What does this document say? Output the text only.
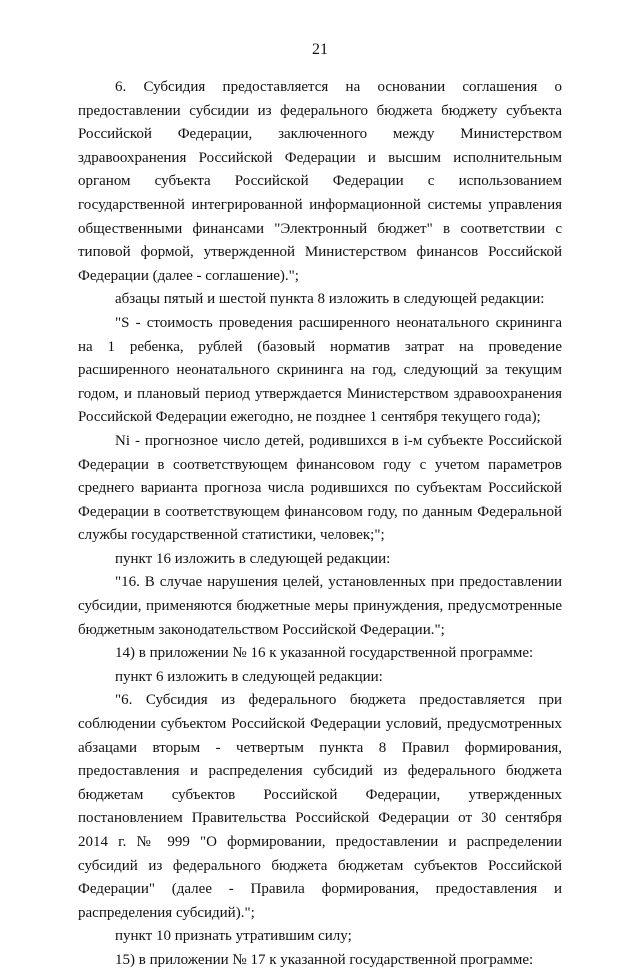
21

6. Субсидия предоставляется на основании соглашения о предоставлении субсидии из федерального бюджета бюджету субъекта Российской Федерации, заключенного между Министерством здравоохранения Российской Федерации и высшим исполнительным органом субъекта Российской Федерации с использованием государственной интегрированной информационной системы управления общественными финансами "Электронный бюджет" в соответствии с типовой формой, утвержденной Министерством финансов Российской Федерации (далее - соглашение).";

абзацы пятый и шестой пункта 8 изложить в следующей редакции:

"S - стоимость проведения расширенного неонатального скрининга на 1 ребенка, рублей (базовый норматив затрат на проведение расширенного неонатального скрининга на год, следующий за текущим годом, и плановый период утверждается Министерством здравоохранения Российской Федерации ежегодно, не позднее 1 сентября текущего года);

Ni - прогнозное число детей, родившихся в i-м субъекте Российской Федерации в соответствующем финансовом году с учетом параметров среднего варианта прогноза числа родившихся по субъектам Российской Федерации в соответствующем финансовом году, по данным Федеральной службы государственной статистики, человек;";

пункт 16 изложить в следующей редакции:

"16. В случае нарушения целей, установленных при предоставлении субсидии, применяются бюджетные меры принуждения, предусмотренные бюджетным законодательством Российской Федерации.";

14) в приложении № 16 к указанной государственной программе:

пункт 6 изложить в следующей редакции:

"6. Субсидия из федерального бюджета предоставляется при соблюдении субъектом Российской Федерации условий, предусмотренных абзацами вторым - четвертым пункта 8 Правил формирования, предоставления и распределения субсидий из федерального бюджета бюджетам субъектов Российской Федерации, утвержденных постановлением Правительства Российской Федерации от 30 сентября 2014 г. № 999 "О формировании, предоставлении и распределении субсидий из федерального бюджета бюджетам субъектов Российской Федерации" (далее - Правила формирования, предоставления и распределения субсидий).";

пункт 10 признать утратившим силу;

15) в приложении № 17 к указанной государственной программе:
